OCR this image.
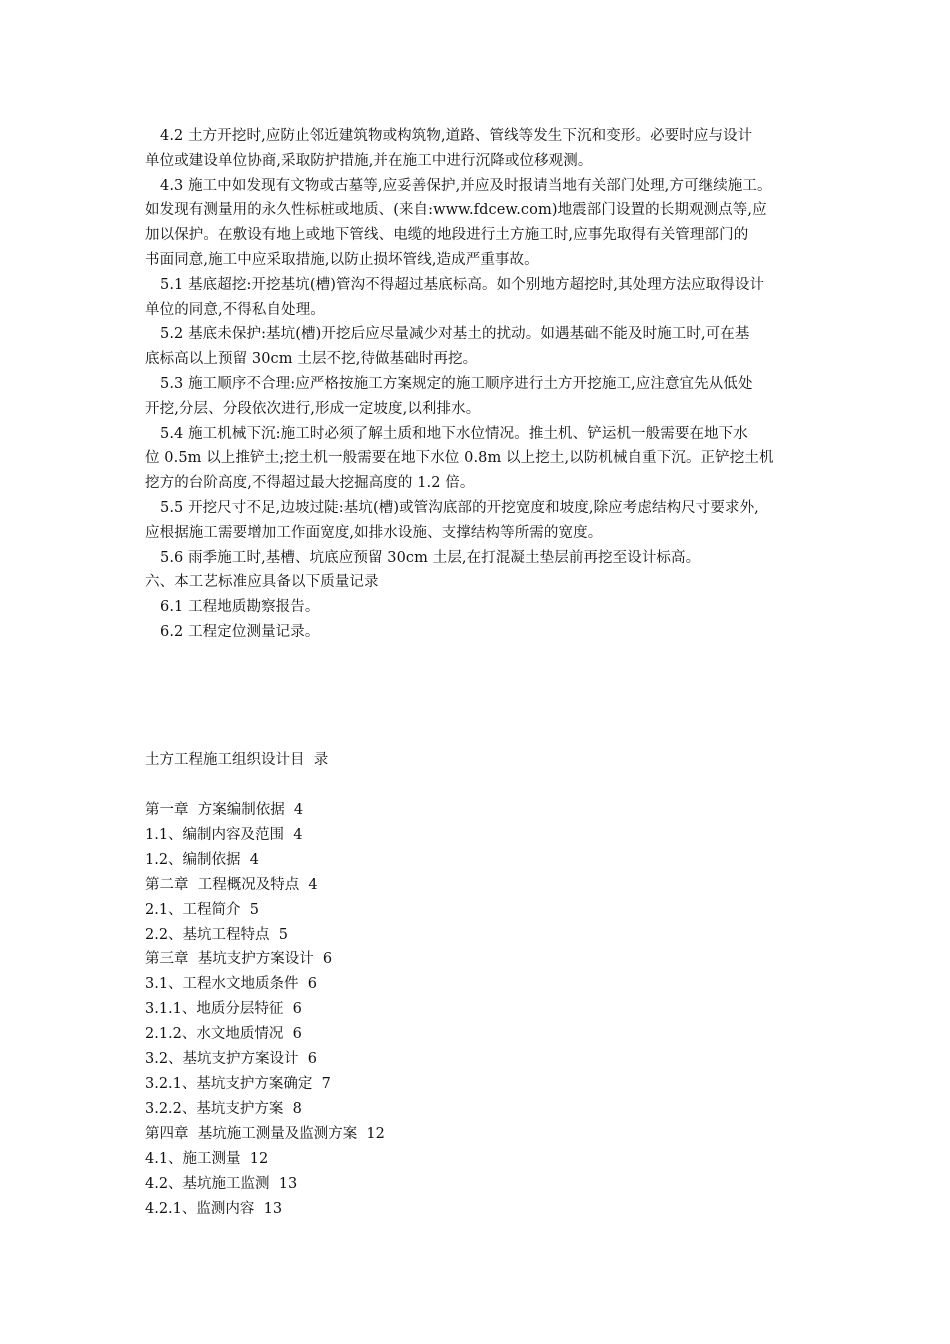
4.2 土方开挖时,应防止邻近建筑物或构筑物,道路、管线等发生下沉和变形。必要时应与设计

单位或建设单位协商,采取防护措施,并在施工中进行沉降或位移观测。

4.3 施工中如发现有文物或古墓等,应妥善保护,并应及时报请当地有关部门处理,方可继续施工。

如发现有测量用的永久性标桩或地质、(来自:www.fdcew.com)地震部门设置的长期观测点等,应

加以保护。在敷设有地上或地下管线、电缆的地段进行土方施工时,应事先取得有关管理部门的

书面同意,施工中应采取措施,以防止损坏管线,造成严重事故。

5.1 基底超挖:开挖基坑(槽)管沟不得超过基底标高。如个别地方超挖时,其处理方法应取得设计

单位的同意,不得私自处理。

5.2 基底未保护:基坑(槽)开挖后应尽量减少对基土的扰动。如遇基础不能及时施工时,可在基

底标高以上预留 30cm 土层不挖,待做基础时再挖。

5.3 施工顺序不合理:应严格按施工方案规定的施工顺序进行土方开挖施工,应注意宜先从低处

开挖,分层、分段依次进行,形成一定坡度,以利排水。

5.4 施工机械下沉:施工时必须了解土质和地下水位情况。推土机、铲运机一般需要在地下水

位 0.5m 以上推铲土;挖土机一般需要在地下水位 0.8m 以上挖土,以防机械自重下沉。正铲挖土机

挖方的台阶高度,不得超过最大挖掘高度的 1.2 倍。

5.5 开挖尺寸不足,边坡过陡:基坑(槽)或管沟底部的开挖宽度和坡度,除应考虑结构尺寸要求外,

应根据施工需要增加工作面宽度,如排水设施、支撑结构等所需的宽度。

5.6 雨季施工时,基槽、坑底应预留 30cm 土层,在打混凝土垫层前再挖至设计标高。

六、本工艺标准应具备以下质量记录

6.1 工程地质勘察报告。

6.2 工程定位测量记录。

土方工程施工组织设计目  录

第一章  方案编制依据  4
1.1、编制内容及范围  4
1.2、编制依据  4
第二章  工程概况及特点  4
2.1、工程简介  5
2.2、基坑工程特点  5
第三章  基坑支护方案设计  6
3.1、工程水文地质条件  6
3.1.1、地质分层特征  6
2.1.2、水文地质情况  6
3.2、基坑支护方案设计  6
3.2.1、基坑支护方案确定  7
3.2.2、基坑支护方案  8
第四章  基坑施工测量及监测方案  12
4.1、施工测量  12
4.2、基坑施工监测  13
4.2.1、监测内容  13
